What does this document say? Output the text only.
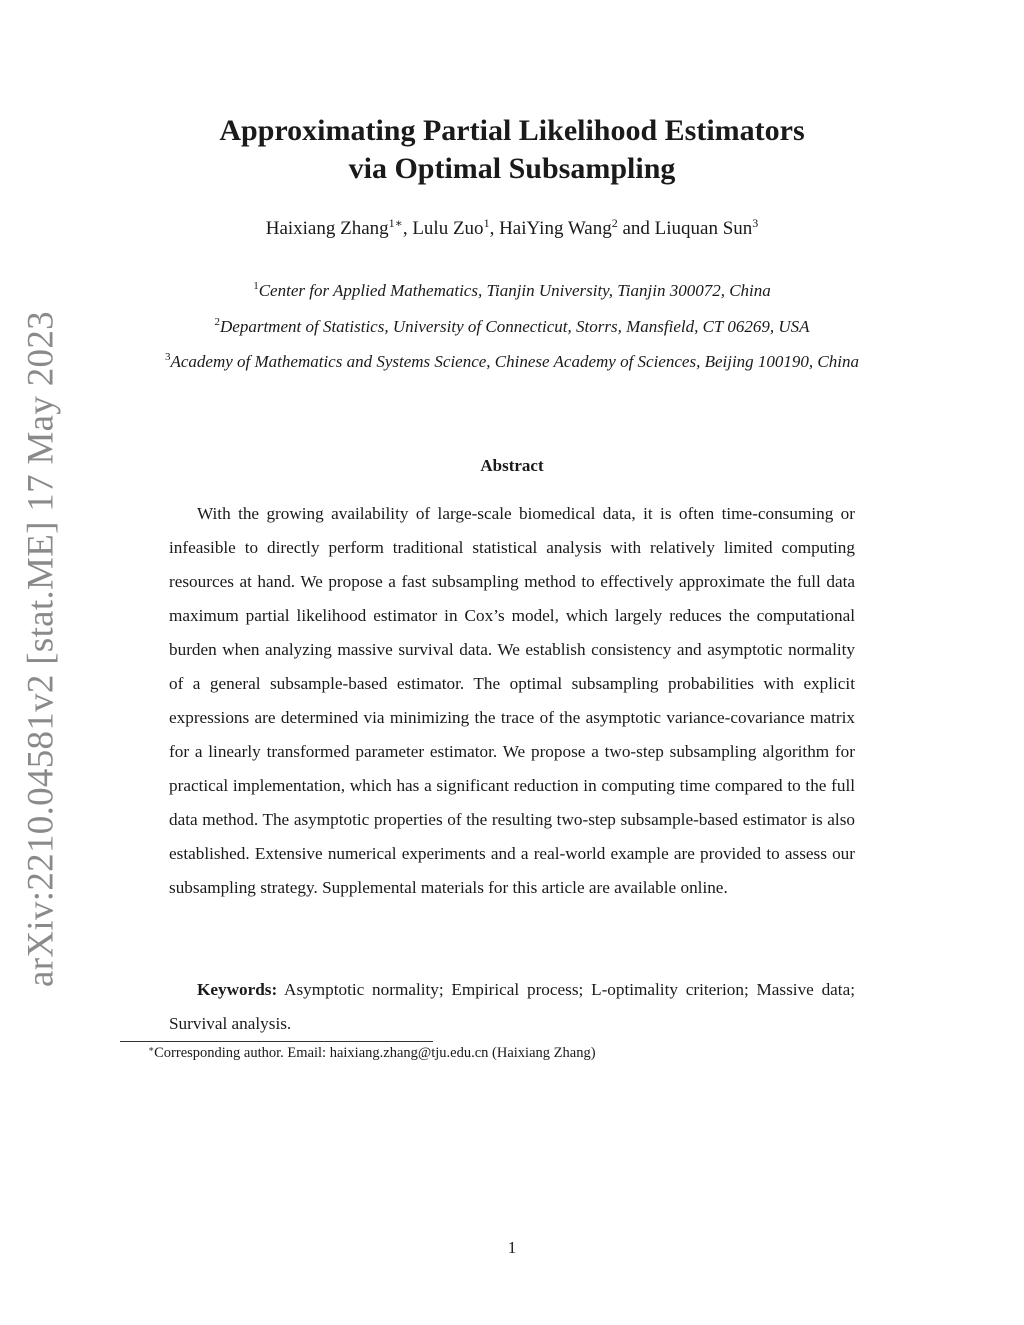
arXiv:2210.04581v2 [stat.ME] 17 May 2023
Approximating Partial Likelihood Estimators
via Optimal Subsampling
Haixiang Zhang$^{1∗}$, Lulu Zuo$^1$, HaiYing Wang$^2$ and Liuquan Sun$^3$
$^1$Center for Applied Mathematics, Tianjin University, Tianjin 300072, China
$^2$Department of Statistics, University of Connecticut, Storrs, Mansfield, CT 06269, USA
$^3$Academy of Mathematics and Systems Science, Chinese Academy of Sciences, Beijing 100190, China
Abstract

With the growing availability of large-scale biomedical data, it is often time-consuming or infeasible to directly perform traditional statistical analysis with relatively limited computing resources at hand. We propose a fast subsampling method to effectively approximate the full data maximum partial likelihood estimator in Cox’s model, which largely reduces the computational burden when analyzing massive survival data. We establish consistency and asymptotic normality of a general subsample-based estimator. The optimal subsampling probabilities with explicit expressions are determined via minimizing the trace of the asymptotic variance-covariance matrix for a linearly transformed parameter estimator. We propose a two-step subsampling algorithm for practical implementation, which has a significant reduction in computing time compared to the full data method. The asymptotic properties of the resulting two-step subsample-based estimator is also established. Extensive numerical experiments and a real-world example are provided to assess our subsampling strategy. Supplemental materials for this article are available online.

Keywords: Asymptotic normality; Empirical process; L-optimality criterion; Massive data; Survival analysis.

∗Corresponding author. Email: haixiang.zhang@tju.edu.cn (Haixiang Zhang)
1
